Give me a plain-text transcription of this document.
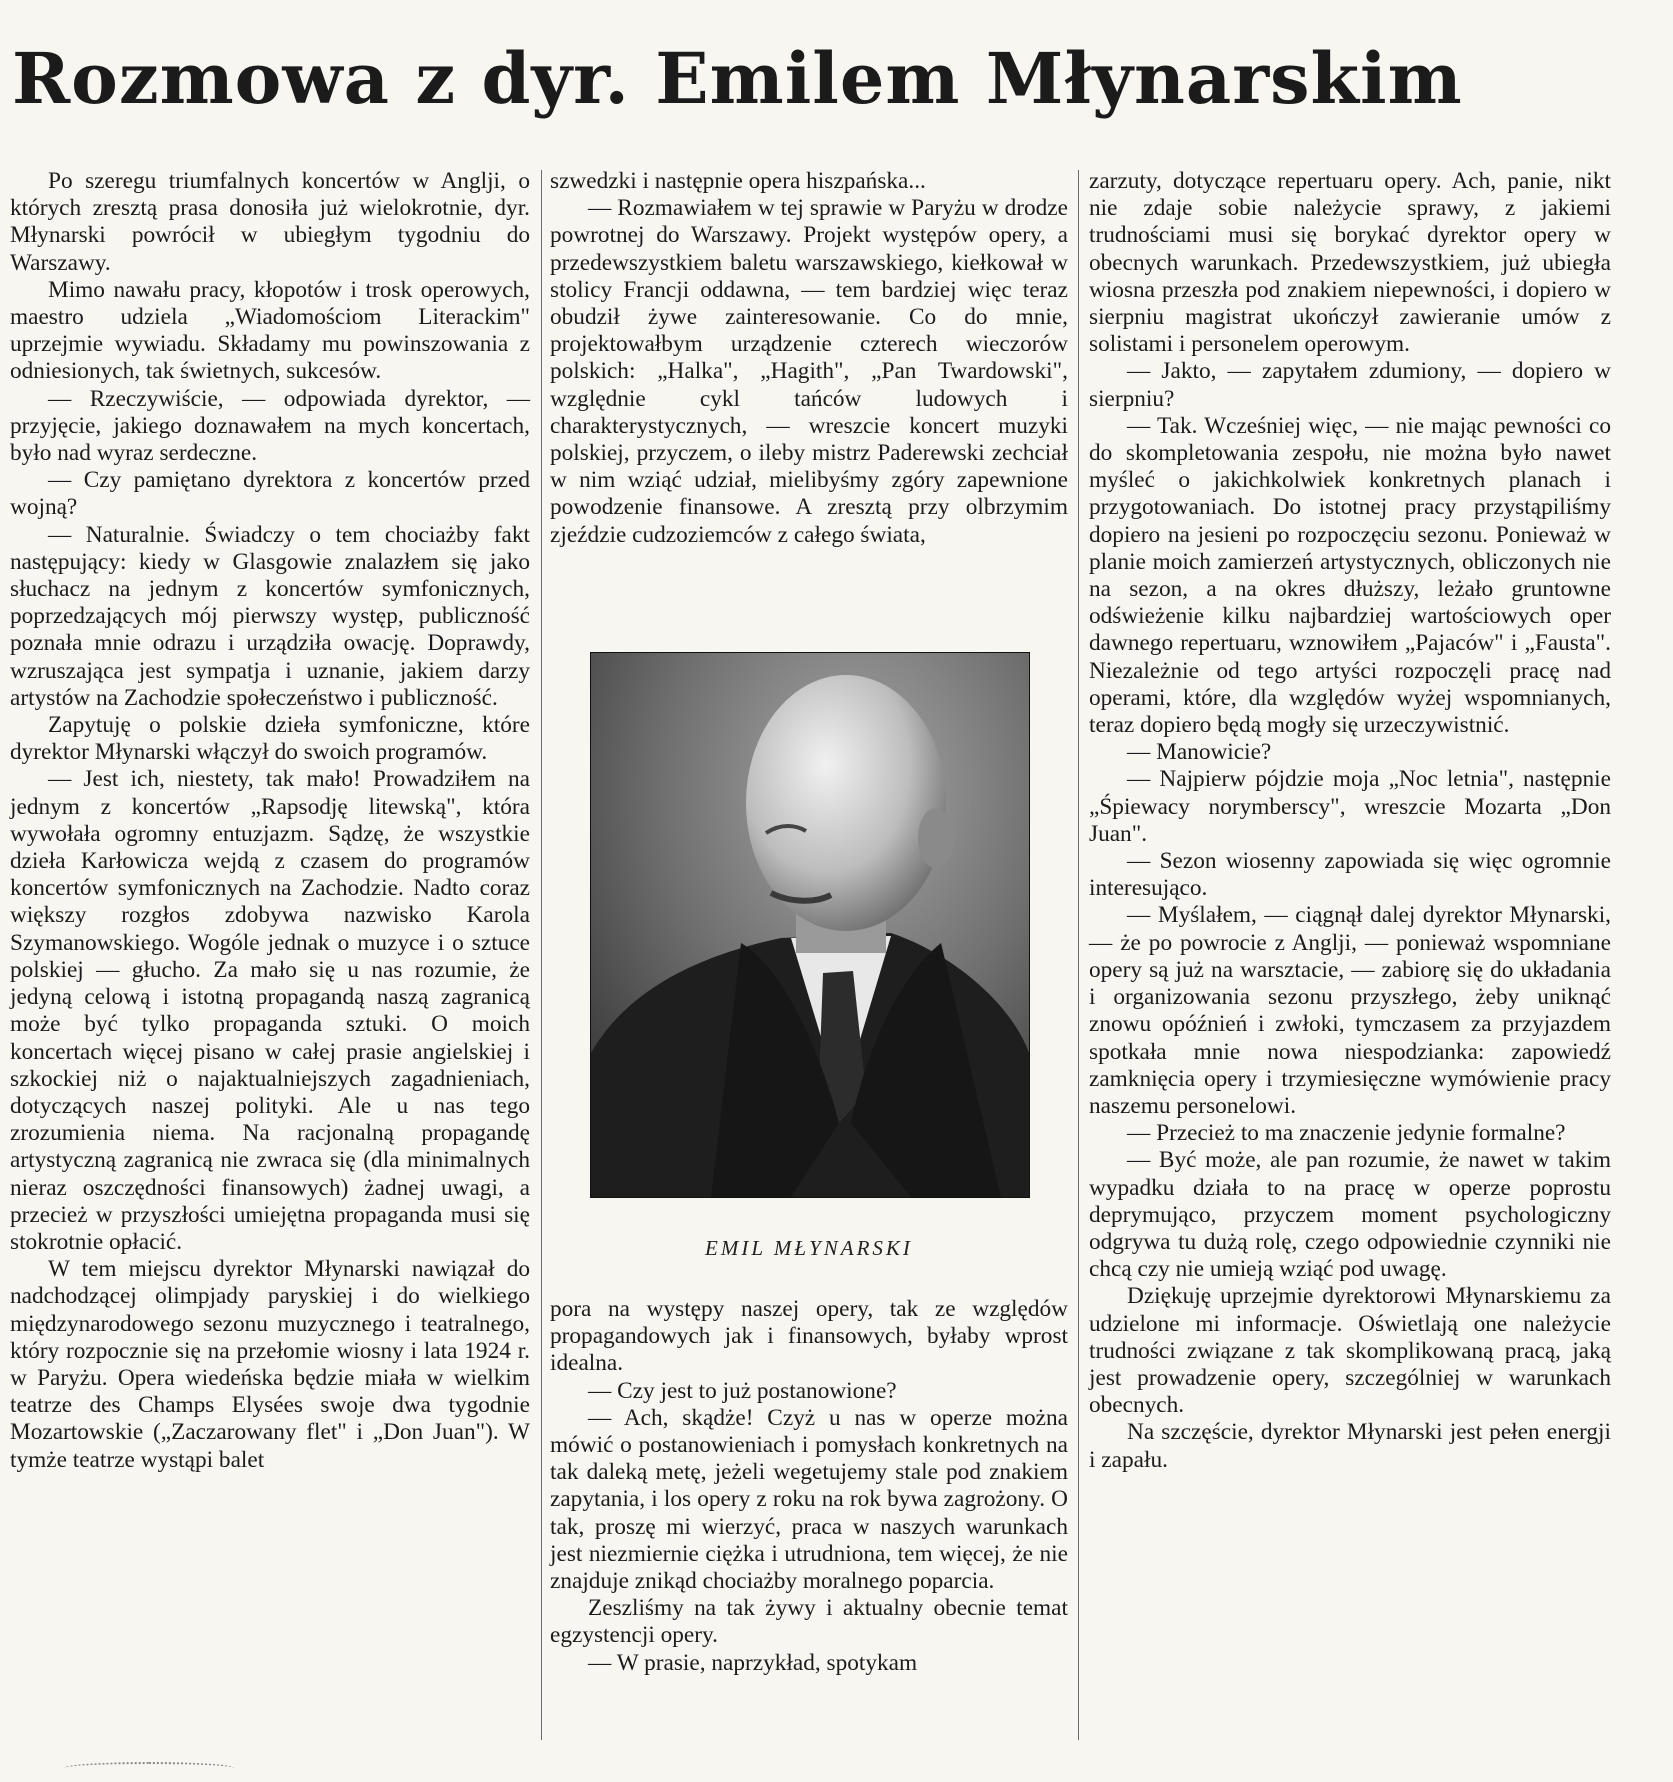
Rozmowa z dyr. Emilem Młynarskim

Po szeregu triumfalnych koncertów w Anglji, o których zresztą prasa donosiła już wielokrotnie, dyr. Młynarski powrócił w ubiegłym tygodniu do Warszawy.

Mimo nawału pracy, kłopotów i trosk operowych, maestro udziela „Wiadomościom Literackim" uprzejmie wywiadu. Składamy mu powinszowania z odniesionych, tak świetnych, sukcesów.

— Rzeczywiście, — odpowiada dyrektor, — przyjęcie, jakiego doznawałem na mych koncertach, było nad wyraz serdeczne.

— Czy pamiętano dyrektora z koncertów przed wojną?

— Naturalnie. Świadczy o tem chociażby fakt następujący: kiedy w Glasgowie znalazłem się jako słuchacz na jednym z koncertów symfonicznych, poprzedzających mój pierwszy występ, publiczność poznała mnie odrazu i urządziła owację. Doprawdy, wzruszająca jest sympatja i uznanie, jakiem darzy artystów na Zachodzie społeczeństwo i publiczność.

Zapytuję o polskie dzieła symfoniczne, które dyrektor Młynarski włączył do swoich programów.

— Jest ich, niestety, tak mało! Prowadziłem na jednym z koncertów „Rapsodję litewską", która wywołała ogromny entuzjazm. Sądzę, że wszystkie dzieła Karłowicza wejdą z czasem do programów koncertów symfonicznych na Zachodzie. Nadto coraz większy rozgłos zdobywa nazwisko Karola Szymanowskiego. Wogóle jednak o muzyce i o sztuce polskiej — głucho. Za mało się u nas rozumie, że jedyną celową i istotną propagandą naszą zagranicą może być tylko propaganda sztuki. O moich koncertach więcej pisano w całej prasie angielskiej i szkockiej niż o najaktualniejszych zagadnieniach, dotyczących naszej polityki. Ale u nas tego zrozumienia niema. Na racjonalną propagandę artystyczną zagranicą nie zwraca się (dla minimalnych nieraz oszczędności finansowych) żadnej uwagi, a przecież w przyszłości umiejętna propaganda musi się stokrotnie opłacić.

W tem miejscu dyrektor Młynarski nawiązał do nadchodzącej olimpjady paryskiej i do wielkiego międzynarodowego sezonu muzycznego i teatralnego, który rozpocznie się na przełomie wiosny i lata 1924 r. w Paryżu. Opera wiedeńska będzie miała w wielkim teatrze des Champs Elysées swoje dwa tygodnie Mozartowskie („Zaczarowany flet" i „Don Juan"). W tymże teatrze wystąpi balet

szwedzki i następnie opera hiszpańska...

— Rozmawiałem w tej sprawie w Paryżu w drodze powrotnej do Warszawy. Projekt występów opery, a przedewszystkiem baletu warszawskiego, kiełkował w stolicy Francji oddawna, — tem bardziej więc teraz obudził żywe zainteresowanie. Co do mnie, projektowałbym urządzenie czterech wieczorów polskich: „Halka", „Hagith", „Pan Twardowski", względnie cykl tańców ludowych i charakterystycznych, — wreszcie koncert muzyki polskiej, przyczem, o ileby mistrz Paderewski zechciał w nim wziąć udział, mielibyśmy zgóry zapewnione powodzenie finansowe. A zresztą przy olbrzymim zjeździe cudzoziemców z całego świata,

EMIL MŁYNARSKI

pora na występy naszej opery, tak ze względów propagandowych jak i finansowych, byłaby wprost idealna.

— Czy jest to już postanowione?

— Ach, skądże! Czyż u nas w operze można mówić o postanowieniach i pomysłach konkretnych na tak daleką metę, jeżeli wegetujemy stale pod znakiem zapytania, i los opery z roku na rok bywa zagrożony. O tak, proszę mi wierzyć, praca w naszych warunkach jest niezmiernie ciężka i utrudniona, tem więcej, że nie znajduje znikąd chociażby moralnego poparcia.

Zeszliśmy na tak żywy i aktualny obecnie temat egzystencji opery.

— W prasie, naprzykład, spotykam

zarzuty, dotyczące repertuaru opery. Ach, panie, nikt nie zdaje sobie należycie sprawy, z jakiemi trudnościami musi się borykać dyrektor opery w obecnych warunkach. Przedewszystkiem, już ubiegła wiosna przeszła pod znakiem niepewności, i dopiero w sierpniu magistrat ukończył zawieranie umów z solistami i personelem operowym.

— Jakto, — zapytałem zdumiony, — dopiero w sierpniu?

— Tak. Wcześniej więc, — nie mając pewności co do skompletowania zespołu, nie można było nawet myśleć o jakichkolwiek konkretnych planach i przygotowaniach. Do istotnej pracy przystąpiliśmy dopiero na jesieni po rozpoczęciu sezonu. Ponieważ w planie moich zamierzeń artystycznych, obliczonych nie na sezon, a na okres dłuższy, leżało gruntowne odświeżenie kilku najbardziej wartościowych oper dawnego repertuaru, wznowiłem „Pajaców" i „Fausta". Niezależnie od tego artyści rozpoczęli pracę nad operami, które, dla względów wyżej wspomnianych, teraz dopiero będą mogły się urzeczywistnić.

— Manowicie?

— Najpierw pójdzie moja „Noc letnia", następnie „Śpiewacy norymberscy", wreszcie Mozarta „Don Juan".

— Sezon wiosenny zapowiada się więc ogromnie interesująco.

— Myślałem, — ciągnął dalej dyrektor Młynarski, — że po powrocie z Anglji, — ponieważ wspomniane opery są już na warsztacie, — zabiorę się do układania i organizowania sezonu przyszłego, żeby uniknąć znowu opóźnień i zwłoki, tymczasem za przyjazdem spotkała mnie nowa niespodzianka: zapowiedź zamknięcia opery i trzymiesięczne wymówienie pracy naszemu personelowi.

— Przecież to ma znaczenie jedynie formalne?

— Być może, ale pan rozumie, że nawet w takim wypadku działa to na pracę w operze poprostu deprymująco, przyczem moment psychologiczny odgrywa tu dużą rolę, czego odpowiednie czynniki nie chcą czy nie umieją wziąć pod uwagę.

Dziękuję uprzejmie dyrektorowi Młynarskiemu za udzielone mi informacje. Oświetlają one należycie trudności związane z tak skomplikowaną pracą, jaką jest prowadzenie opery, szczególniej w warunkach obecnych.

Na szczęście, dyrektor Młynarski jest pełen energji i zapału.
